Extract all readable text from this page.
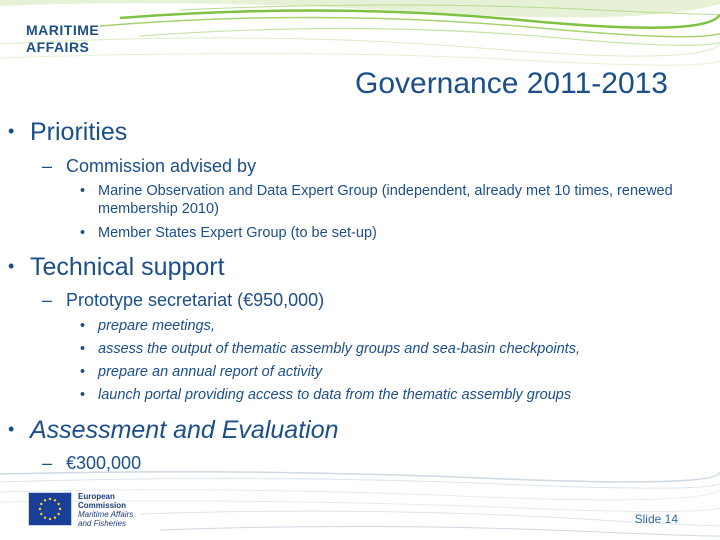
MARITIME
AFFAIRS
Governance 2011-2013
• Priorities
– Commission advised by
• Marine Observation and Data Expert Group (independent, already met 10 times, renewed membership 2010)
• Member States Expert Group (to be set-up)
• Technical support
– Prototype secretariat (€950,000)
• prepare meetings,
• assess the output of thematic assembly groups and sea-basin checkpoints,
• prepare an annual report of activity
• launch portal providing access to data from the thematic assembly groups
• Assessment and Evaluation
– €300,000
European
Commission
Maritime Affairs
and Fisheries	Slide 14
